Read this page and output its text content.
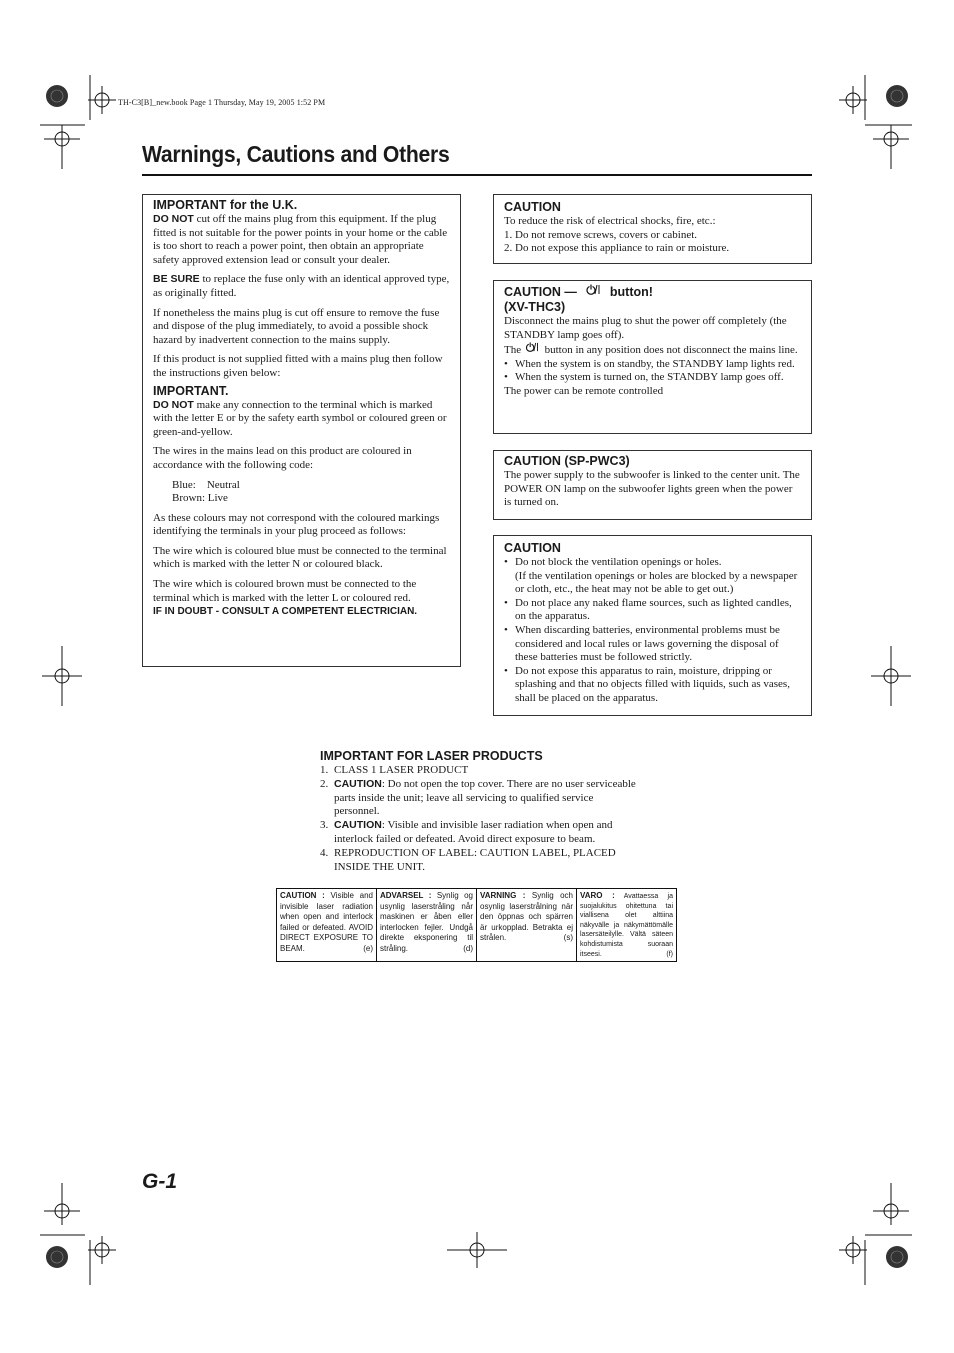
TH-C3[B]_new.book Page 1 Thursday, May 19, 2005 1:52 PM
Warnings, Cautions and Others
IMPORTANT for the U.K.

DO NOT cut off the mains plug from this equipment. If the plug fitted is not suitable for the power points in your home or the cable is too short to reach a power point, then obtain an appropriate safety approved extension lead or consult your dealer.

BE SURE to replace the fuse only with an identical approved type, as originally fitted.

If nonetheless the mains plug is cut off ensure to remove the fuse and dispose of the plug immediately, to avoid a possible shock hazard by inadvertent connection to the mains supply.

If this product is not supplied fitted with a mains plug then follow the instructions given below:

IMPORTANT.

DO NOT make any connection to the terminal which is marked with the letter E or by the safety earth symbol or coloured green or green-and-yellow.

The wires in the mains lead on this product are coloured in accordance with the following code:

Blue:    Neutral

Brown: Live

As these colours may not correspond with the coloured markings identifying the terminals in your plug proceed as follows:

The wire which is coloured blue must be connected to the terminal which is marked with the letter N or coloured black.

The wire which is coloured brown must be connected to the terminal which is marked with the letter L or coloured red.

IF IN DOUBT - CONSULT A COMPETENT ELECTRICIAN.
CAUTION
To reduce the risk of electrical shocks, fire, etc.:
1. Do not remove screws, covers or cabinet.
2. Do not expose this appliance to rain or moisture.
CAUTION —	button!
(XV-THC3)
Disconnect the mains plug to shut the power off completely (the STANDBY lamp goes off).
The button in any position does not disconnect the mains line.
• When the system is on standby, the STANDBY lamp lights red.
• When the system is turned on, the STANDBY lamp goes off.
The power can be remote controlled
CAUTION (SP-PWC3)
The power supply to the subwoofer is linked to the center unit. The POWER ON lamp on the subwoofer lights green when the power is turned on.
CAUTION
• Do not block the ventilation openings or holes.
(If the ventilation openings or holes are blocked by a newspaper or cloth, etc., the heat may not be able to get out.)
• Do not place any naked flame sources, such as lighted candles, on the apparatus.
• When discarding batteries, environmental problems must be considered and local rules or laws governing the disposal of these batteries must be followed strictly.
• Do not expose this apparatus to rain, moisture, dripping or splashing and that no objects filled with liquids, such as vases, shall be placed on the apparatus.
IMPORTANT FOR LASER PRODUCTS
1. CLASS 1 LASER PRODUCT
2. CAUTION: Do not open the top cover. There are no user serviceable parts inside the unit; leave all servicing to qualified service personnel.
3. CAUTION: Visible and invisible laser radiation when open and interlock failed or defeated. Avoid direct exposure to beam.
4. REPRODUCTION OF LABEL: CAUTION LABEL, PLACED INSIDE THE UNIT.
CAUTION : Visible and invisible laser radiation when open and interlock failed or defeated. AVOID DIRECT EXPOSURE TO BEAM.	(e)
	ADVARSEL : Synlig og usynlig laserstråling når maskinen er åben eller interlocken fejler. Undgå direkte eksponering til stråling.	(d)
	VARNING : Synlig och osynlig laserstrålning när den öppnas och spärren är urkopplad. Betrakta ej strålen.	(s)
	VARO : Avattaessa ja suojalukitus ohitettuna tai viallisena olet alttiina näkyvälle ja näkymättömälle lasersäteilylle. Vältä säteen kohdistumista suoraan itseesi.	(f)
G-1
